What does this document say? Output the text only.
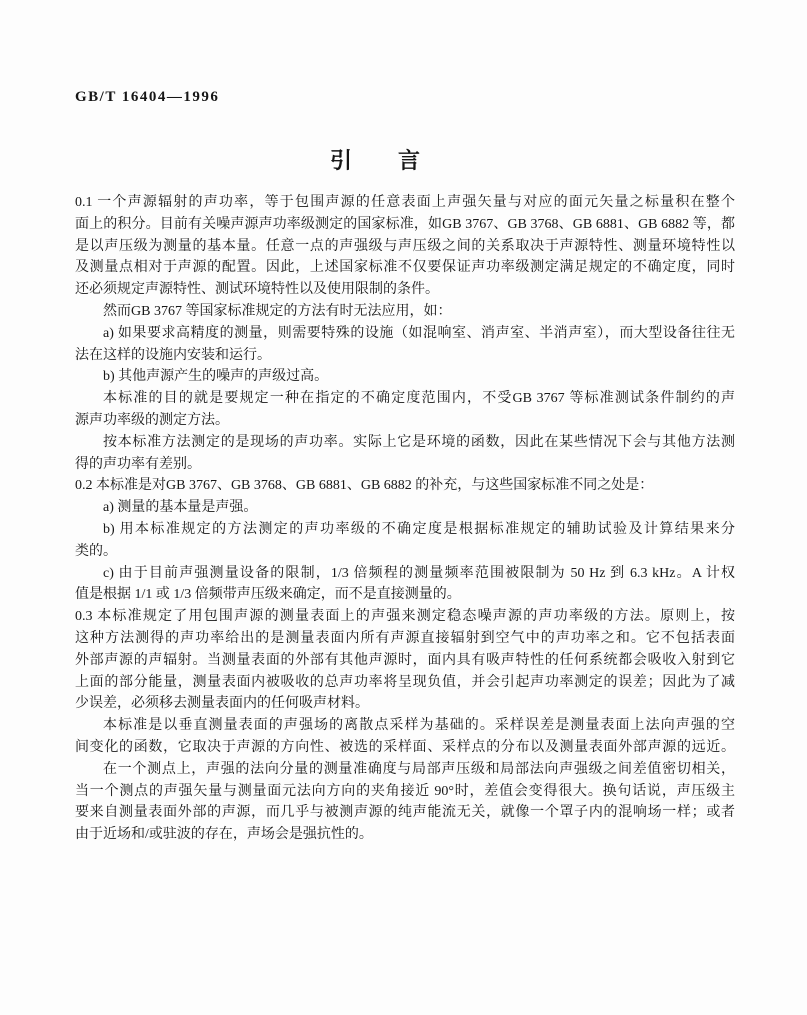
GB/T 16404—1996
引　言
0.1 一个声源辐射的声功率，等于包围声源的任意表面上声强矢量与对应的面元矢量之标量积在整个
面上的积分。目前有关噪声源声功率级测定的国家标准，如GB 3767、GB 3768、GB 6881、GB 6882 等，都
是以声压级为测量的基本量。任意一点的声强级与声压级之间的关系取决于声源特性、测量环境特性以
及测量点相对于声源的配置。因此，上述国家标准不仅要保证声功率级测定满足规定的不确定度，同时
还必须规定声源特性、测试环境特性以及使用限制的条件。
然而GB 3767 等国家标准规定的方法有时无法应用，如：
a) 如果要求高精度的测量，则需要特殊的设施（如混响室、消声室、半消声室），而大型设备往往无
法在这样的设施内安装和运行。
b) 其他声源产生的噪声的声级过高。
本标准的目的就是要规定一种在指定的不确定度范围内，不受GB 3767 等标准测试条件制约的声
源声功率级的测定方法。
按本标准方法测定的是现场的声功率。实际上它是环境的函数，因此在某些情况下会与其他方法测
得的声功率有差别。
0.2 本标准是对GB 3767、GB 3768、GB 6881、GB 6882 的补充，与这些国家标准不同之处是：
a) 测量的基本量是声强。
b) 用本标准规定的方法测定的声功率级的不确定度是根据标准规定的辅助试验及计算结果来分
类的。
c) 由于目前声强测量设备的限制，1/3 倍频程的测量频率范围被限制为 50 Hz 到 6.3 kHz。A 计权
值是根据 1/1 或 1/3 倍频带声压级来确定，而不是直接测量的。
0.3 本标准规定了用包围声源的测量表面上的声强来测定稳态噪声源的声功率级的方法。原则上，按
这种方法测得的声功率给出的是测量表面内所有声源直接辐射到空气中的声功率之和。它不包括表面
外部声源的声辐射。当测量表面的外部有其他声源时，面内具有吸声特性的任何系统都会吸收入射到它
上面的部分能量，测量表面内被吸收的总声功率将呈现负值，并会引起声功率测定的误差；因此为了减
少误差，必须移去测量表面内的任何吸声材料。
本标准是以垂直测量表面的声强场的离散点采样为基础的。采样误差是测量表面上法向声强的空
间变化的函数，它取决于声源的方向性、被选的采样面、采样点的分布以及测量表面外部声源的远近。
在一个测点上，声强的法向分量的测量准确度与局部声压级和局部法向声强级之间差值密切相关，
当一个测点的声强矢量与测量面元法向方向的夹角接近 90°时，差值会变得很大。换句话说，声压级主
要来自测量表面外部的声源，而几乎与被测声源的纯声能流无关，就像一个罩子内的混响场一样；或者
由于近场和/或驻波的存在，声场会是强抗性的。
